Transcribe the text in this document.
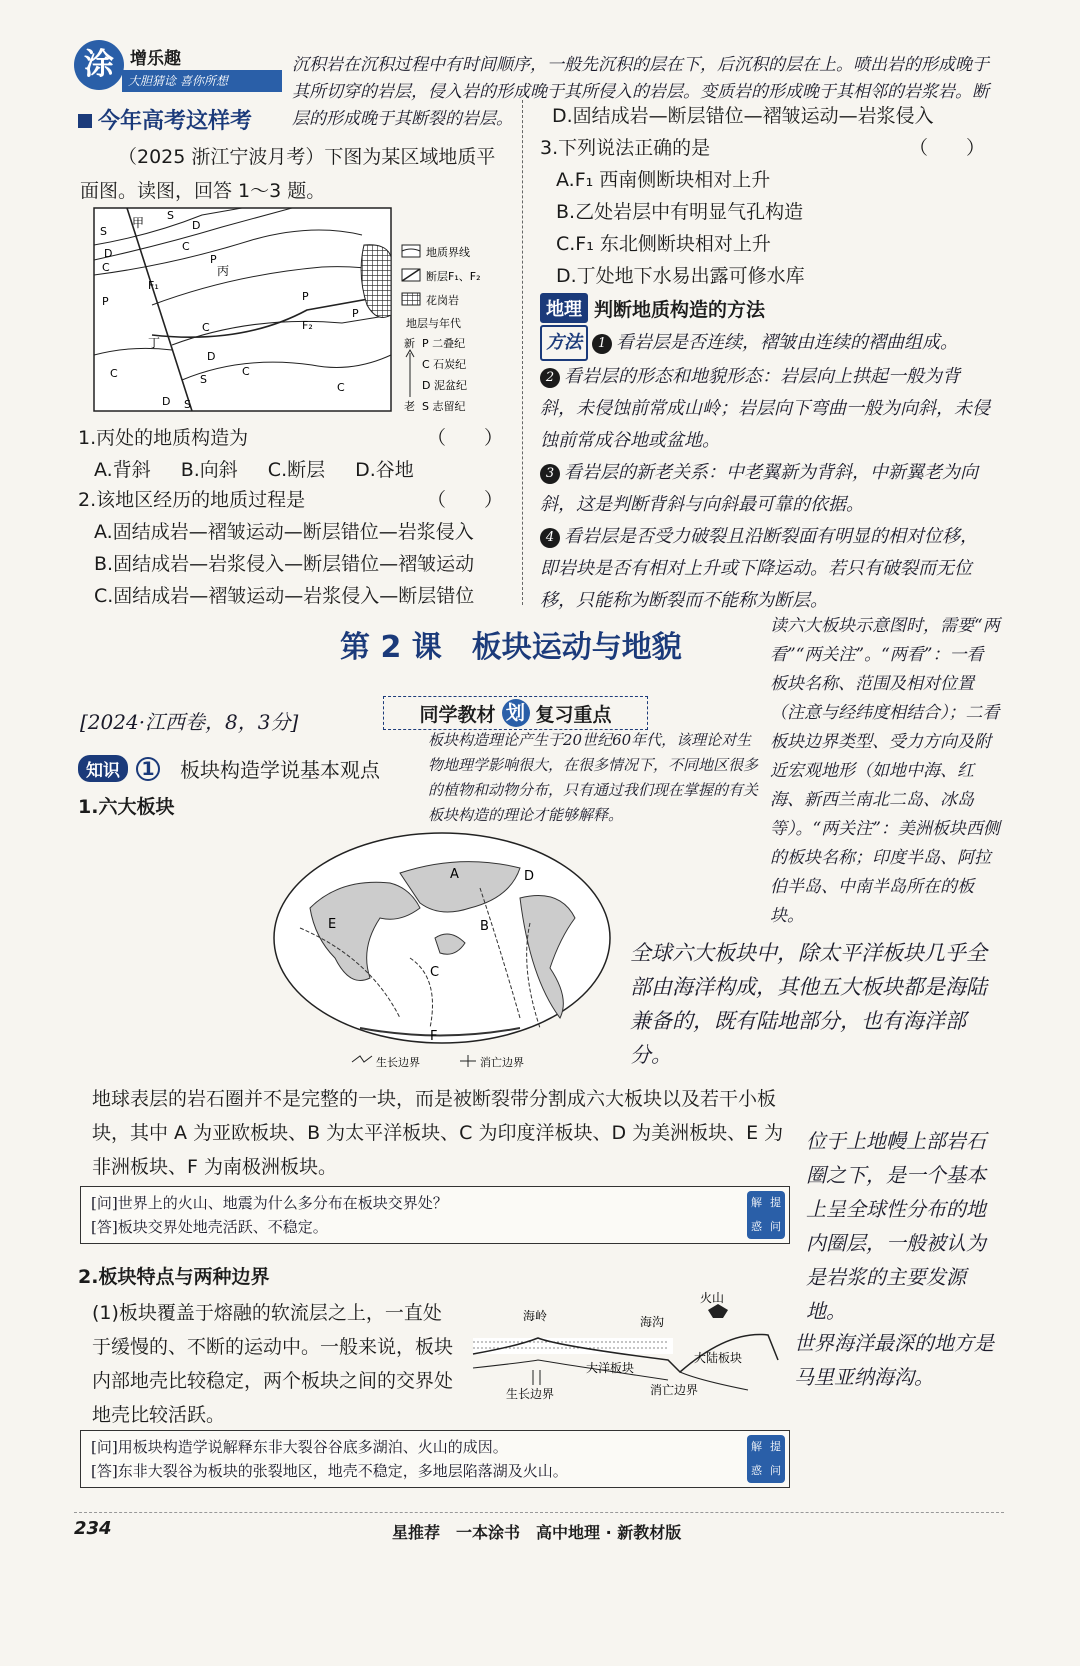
涂 增乐趣
大胆猜谂 喜你所想
沉积岩在沉积过程中有时间顺序，一般先沉积的层在下，后沉积的层在上。喷出岩的形成晚于其所切穿的岩层，侵入岩的形成晚于其所侵入的岩层。变质岩的形成晚于其相邻的岩浆岩。断层的形成晚于其断裂的岩层。
今年高考这样考
（2025 浙江宁波月考）下图为某区域地质平面图。读图，回答 1～3 题。
甲
S
S	D
D
C
P
丙
C
F₁
P
C	F₂
P
P
丁
D
S
C
D S
C
C
地质界线
断层F₁、F₂
花岗岩
地层与年代
新
老
P 二叠纪
C 石炭纪
D 泥盆纪
S 志留纪
1.丙处的地质构造为	（　　）
A.背斜 B.向斜 C.断层 D.谷地
2.该地区经历的地质过程是	（　　）
A.固结成岩—褶皱运动—断层错位—岩浆侵入
B.固结成岩—岩浆侵入—断层错位—褶皱运动
C.固结成岩—褶皱运动—岩浆侵入—断层错位
D.固结成岩—断层错位—褶皱运动—岩浆侵入
3.下列说法正确的是	（　　）
A.F₁ 西南侧断块相对上升
B.乙处岩层中有明显气孔构造
C.F₁ 东北侧断块相对上升
D.丁处地下水易出露可修水库
地理 判断地质构造的方法
方法	1 看岩层是否连续，褶皱由连续的褶曲组成。
2 看岩层的形态和地貌形态：岩层向上拱起一般为背斜，未侵蚀前常成山岭；岩层向下弯曲一般为向斜，未侵蚀前常成谷地或盆地。
3 看岩层的新老关系：中老翼新为背斜，中新翼老为向斜，这是判断背斜与向斜最可靠的依据。
4 看岩层是否受力破裂且沿断裂面有明显的相对位移，即岩块是否有相对上升或下降运动。若只有破裂而无位移，只能称为断裂而不能称为断层。
第 2 课　板块运动与地貌
读六大板块示意图时，需要“两看”“两关注”。“两看”：一看板块名称、范围及相对位置（注意与经纬度相结合）；二看板块边界类型、受力方向及附近宏观地形（如地中海、红海、新西兰南北二岛、冰岛等）。“两关注”：美洲板块西侧的板块名称；印度半岛、阿拉伯半岛、中南半岛所在的板块。
[2024·江西卷，8，3分]	同学教材 划 复习重点
知识	1 板块构造学说基本观点
1.六大板块
板块构造理论产生于20世纪60年代，该理论对生物地理学影响很大，在很多情况下，不同地区很多的植物和动物分布，只有通过我们现在掌握的有关板块构造的理论才能够解释。
E
A
B
C
D
F
生长边界	消亡边界
全球六大板块中，除太平洋板块几乎全部由海洋构成，其他五大板块都是海陆兼备的，既有陆地部分，也有海洋部分。
地球表层的岩石圈并不是完整的一块，而是被断裂带分割成六大板块以及若干小板块，其中 A 为亚欧板块、B 为太平洋板块、C 为印度洋板块、D 为美洲板块、E 为非洲板块、F 为南极洲板块。
[问]世界上的火山、地震为什么多分布在板块交界处？
[答]板块交界处地壳活跃、不稳定。
解 提
惑 问
位于上地幔上部岩石圈之下，是一个基本上呈全球性分布的地内圈层，一般被认为是岩浆的主要发源地。
2.板块特点与两种边界
(1)板块覆盖于熔融的软流层之上，一直处于缓慢的、不断的运动中。一般来说，板块内部地壳比较稳定，两个板块之间的交界处地壳比较活跃。
海岭	海沟
火山
大洋板块
大陆板块
生长边界	消亡边界
世界海洋最深的地方是马里亚纳海沟。
[问]用板块构造学说解释东非大裂谷谷底多湖泊、火山的成因。
[答]东非大裂谷为板块的张裂地区，地壳不稳定，多地层陷落湖及火山。
解 提
惑 问
234	星推荐　一本涂书　高中地理 · 新教材版
